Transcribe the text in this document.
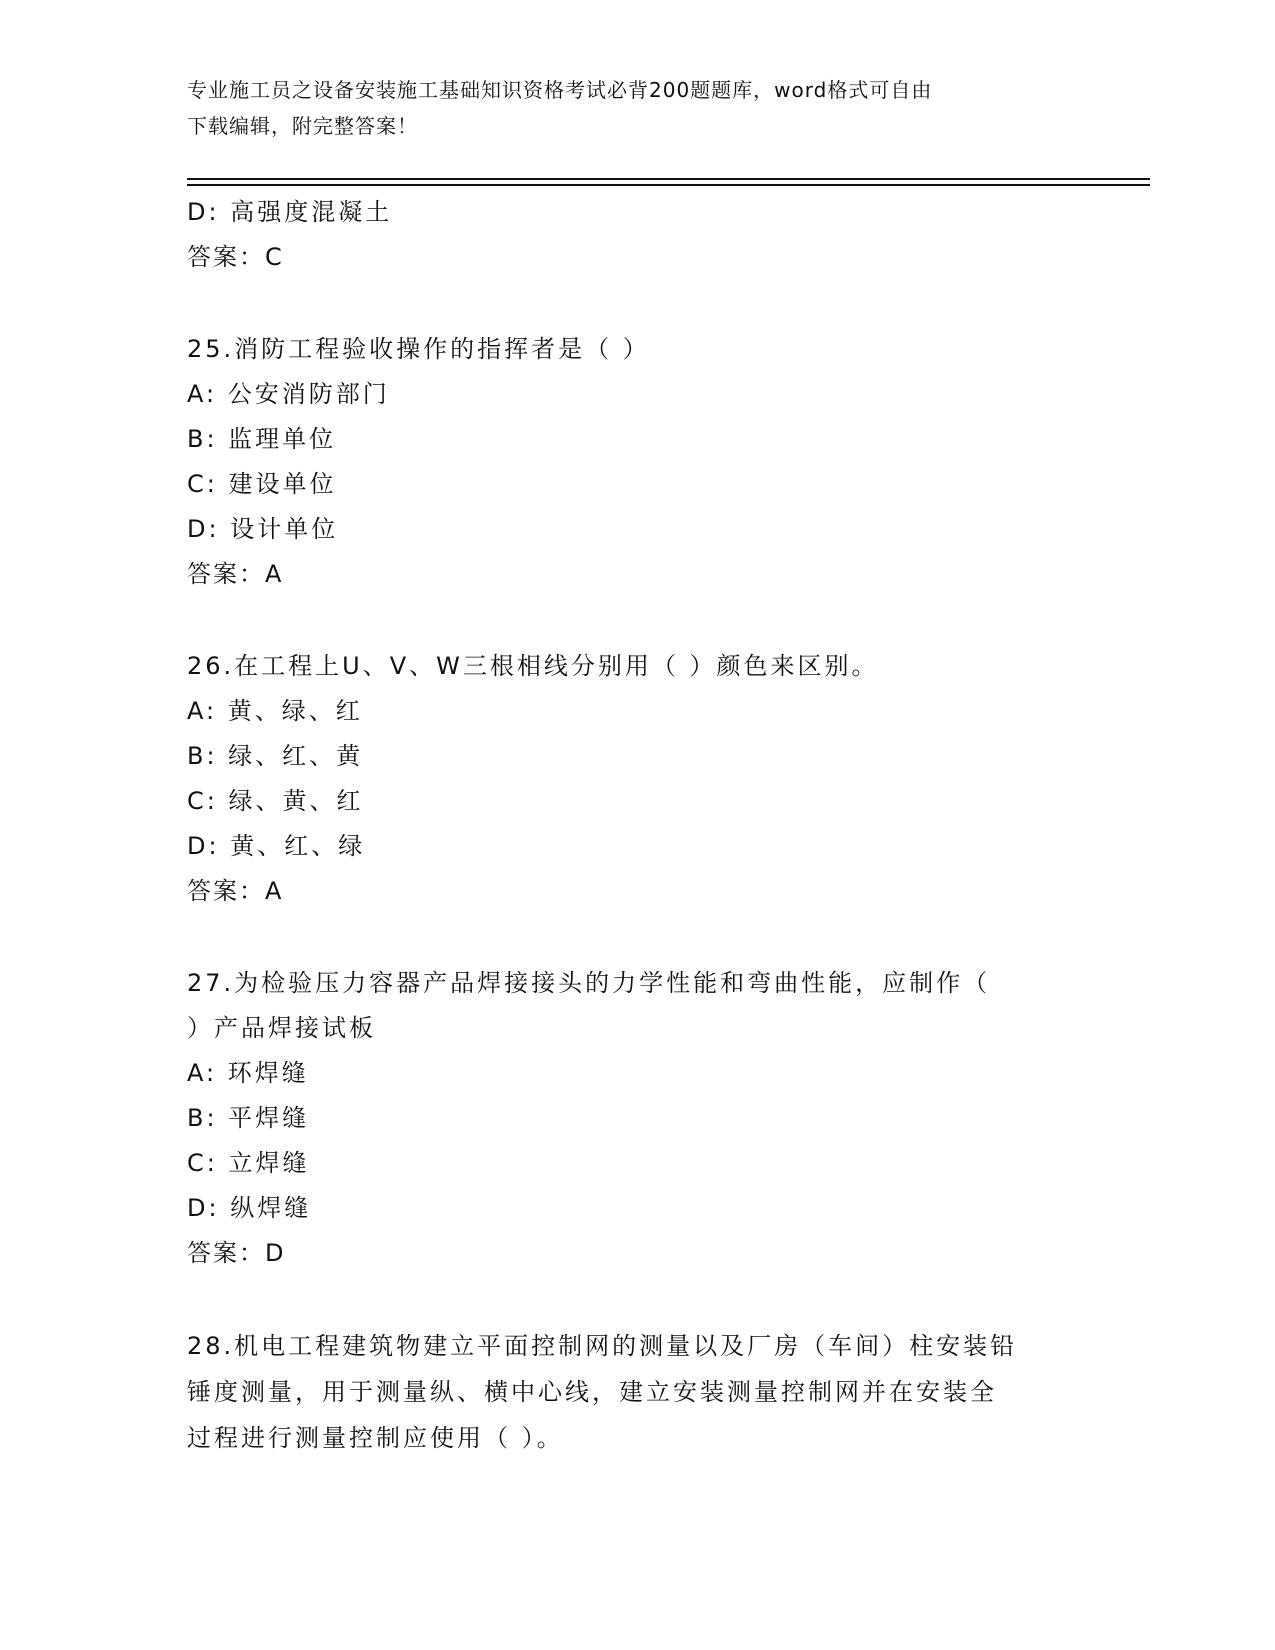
专业施工员之设备安装施工基础知识资格考试必背200题题库，word格式可自由
下载编辑，附完整答案！
D: 高强度混凝土
答案：C
25.消防工程验收操作的指挥者是（ ）
A: 公安消防部门
B: 监理单位
C: 建设单位
D: 设计单位
答案：A
26.在工程上U、V、W三根相线分别用（ ）颜色来区别。
A: 黄、绿、红
B: 绿、红、黄
C: 绿、黄、红
D: 黄、红、绿
答案：A
27.为检验压力容器产品焊接接头的力学性能和弯曲性能，应制作（
）产品焊接试板
A: 环焊缝
B: 平焊缝
C: 立焊缝
D: 纵焊缝
答案：D
28.机电工程建筑物建立平面控制网的测量以及厂房（车间）柱安装铅
锤度测量，用于测量纵、横中心线，建立安装测量控制网并在安装全
过程进行测量控制应使用（ ）。
